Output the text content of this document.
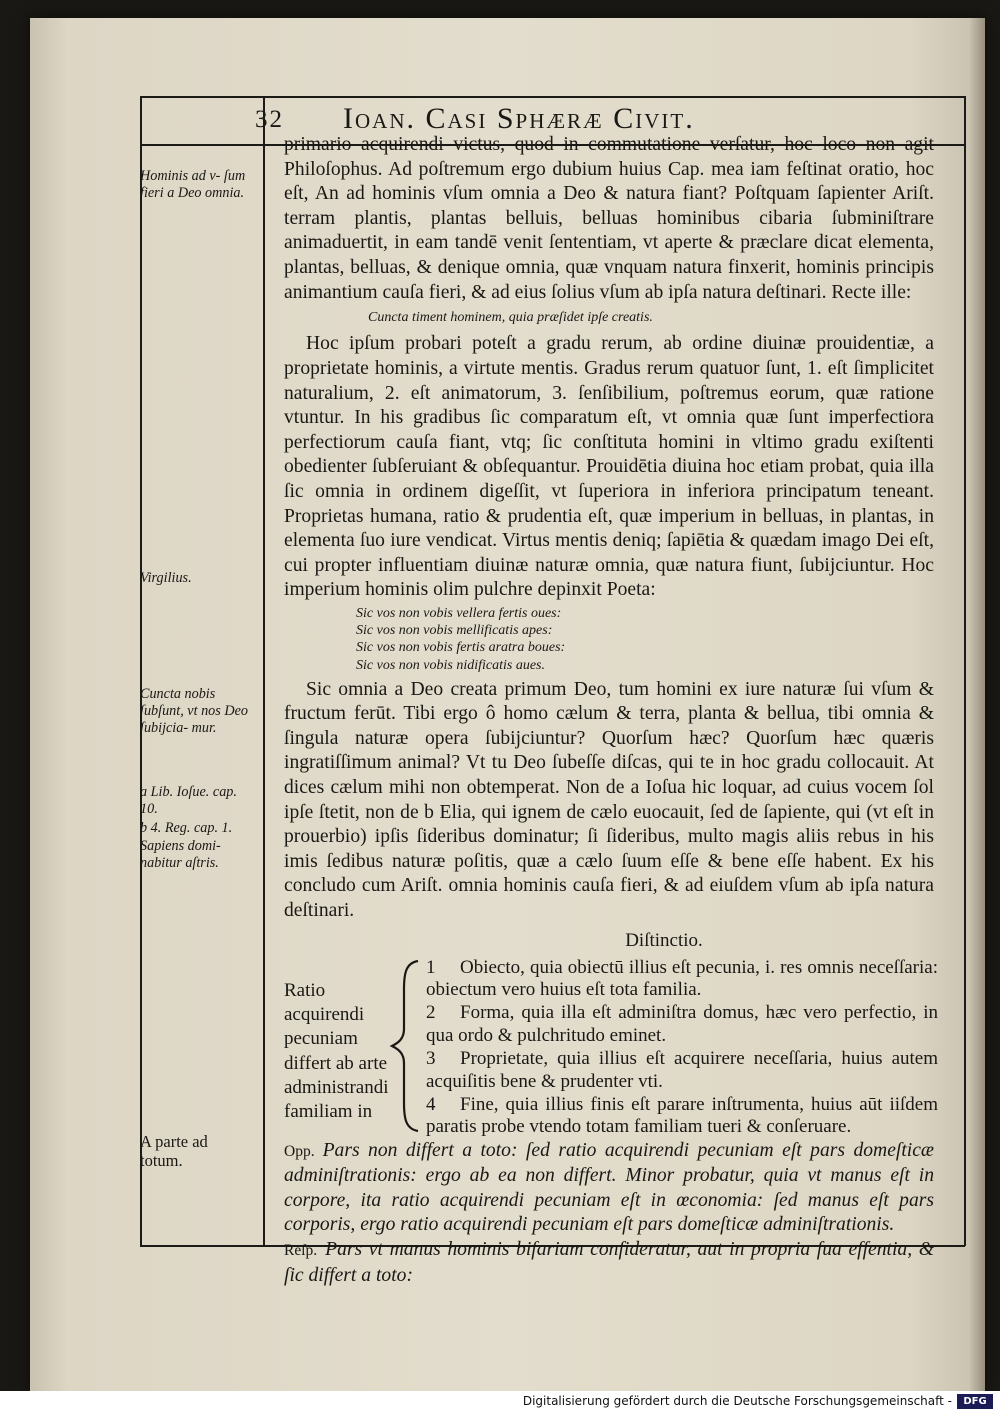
32 Ioan. Casi Sphæræ Civit.
Hominis ad v- ſum fieri a Deo omnia.
Virgilius.
Cuncta nobis ſubſunt, vt nos Deo ſubijcia- mur.
a Lib. Ioſue. cap. 10.
b 4. Reg. cap. 1.
Sapiens domi- nabitur aſtris.
A parte ad totum.

primario acquirendi victus, quod in commutatione verſatur, hoc loco non agit Philoſophus. Ad poſtremum ergo dubium huius Cap. mea iam feſtinat oratio, hoc eſt, An ad hominis vſum omnia a Deo & natura fiant? Poſtquam ſapienter Ariſt. terram plantis, plantas belluis, belluas hominibus cibaria ſubminiſtrare animaduertit, in eam tandē venit ſententiam, vt aperte & præclare dicat elementa, plantas, belluas, & denique omnia, quæ vnquam natura finxerit, hominis principis animantium cauſa fieri, & ad eius ſolius vſum ab ipſa natura deſtinari. Recte ille:

Cuncta timent hominem, quia præſidet ipſe creatis.

Hoc ipſum probari poteſt a gradu rerum, ab ordine diuinæ prouidentiæ, a proprietate hominis, a virtute mentis. Gradus rerum quatuor ſunt, 1. eſt ſimplicitet naturalium, 2. eſt animatorum, 3. ſenſibilium, poſtremus eorum, quæ ratione vtuntur. In his gradibus ſic comparatum eſt, vt omnia quæ ſunt imperfectiora perfectiorum cauſa fiant, vtq; ſic conſtituta homini in vltimo gradu exiſtenti obedienter ſubſeruiant & obſequantur. Prouidētia diuina hoc etiam probat, quia illa ſic omnia in ordinem digeſſit, vt ſuperiora in inferiora principatum teneant. Proprietas humana, ratio & prudentia eſt, quæ imperium in belluas, in plantas, in elementa ſuo iure vendicat. Virtus mentis deniq; ſapiētia & quædam imago Dei eſt, cui propter influentiam diuinæ naturæ omnia, quæ natura fiunt, ſubijciuntur. Hoc imperium hominis olim pulchre depinxit Poeta:

Sic vos non vobis vellera fertis oues:
Sic vos non vobis mellificatis apes:
Sic vos non vobis fertis aratra boues:
Sic vos non vobis nidificatis aues.

Sic omnia a Deo creata primum Deo, tum homini ex iure naturæ ſui vſum & fructum ferūt. Tibi ergo ô homo cælum & terra, planta & bellua, tibi omnia & ſingula naturæ opera ſubijciuntur? Quorſum hæc? Quorſum hæc quæris ingratiſſimum animal? Vt tu Deo ſubeſſe diſcas, qui te in hoc gradu collocauit. At dices cælum mihi non obtemperat. Non de a Ioſua hic loquar, ad cuius vocem ſol ipſe ſtetit, non de b Elia, qui ignem de cælo euocauit, ſed de ſapiente, qui (vt eſt in prouerbio) ipſis ſideribus dominatur; ſi ſideribus, multo magis aliis rebus in his imis ſedibus naturæ poſitis, quæ a cælo ſuum eſſe & bene eſſe habent. Ex his concludo cum Ariſt. omnia hominis cauſa fieri, & ad eiuſdem vſum ab ipſa natura deſtinari.

Diſtinctio.
Ratio acquirendi pecuniam differt ab arte administrandi familiam in
1 Obiecto, quia obiectū illius eſt pecunia, i. res omnis neceſſaria: obiectum vero huius eſt tota familia.
2 Forma, quia illa eſt adminiſtra domus, hæc vero perfectio, in qua ordo & pulchritudo eminet.
3 Proprietate, quia illius eſt acquirere neceſſaria, huius autem acquiſitis bene & prudenter vti.
4 Fine, quia illius finis eſt parare inſtrumenta, huius aūt iiſdem paratis probe vtendo totam familiam tueri & conſeruare.

Opp. Pars non differt a toto: ſed ratio acquirendi pecuniam eſt pars domeſticæ adminiſtrationis: ergo ab ea non differt. Minor probatur, quia vt manus eſt in corpore, ita ratio acquirendi pecuniam eſt in œconomia: ſed manus eſt pars corporis, ergo ratio acquirendi pecuniam eſt pars domeſticæ adminiſtrationis.

Reſp. Pars vt manus hominis bifariam conſideratur, aut in propria ſua eſſentia, & ſic differt a toto:

Digitalisierung gefördert durch die Deutsche Forschungsgemeinschaft -	DFG
